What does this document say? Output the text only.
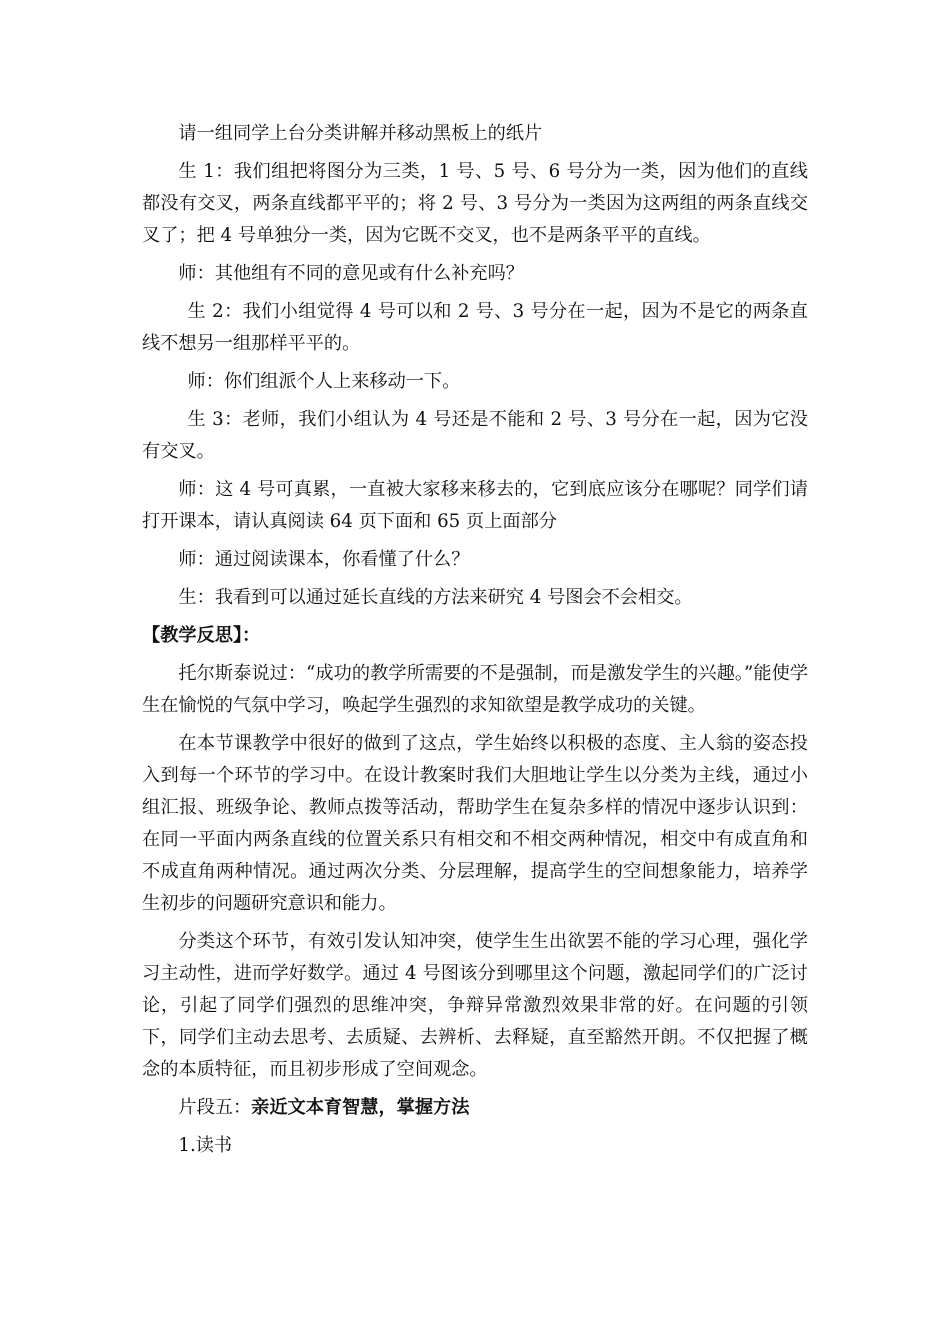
请一组同学上台分类讲解并移动黑板上的纸片

生 1：我们组把将图分为三类，1 号、5 号、6 号分为一类，因为他们的直线都没有交叉，两条直线都平平的；将 2 号、3 号分为一类因为这两组的两条直线交叉了；把 4 号单独分一类，因为它既不交叉，也不是两条平平的直线。

师：其他组有不同的意见或有什么补充吗？

生 2：我们小组觉得 4 号可以和 2 号、3 号分在一起，因为不是它的两条直线不想另一组那样平平的。

师：你们组派个人上来移动一下。

生 3：老师，我们小组认为 4 号还是不能和 2 号、3 号分在一起，因为它没有交叉。

师：这 4 号可真累，一直被大家移来移去的，它到底应该分在哪呢？同学们请打开课本，请认真阅读 64 页下面和 65 页上面部分

师：通过阅读课本，你看懂了什么？

生：我看到可以通过延长直线的方法来研究 4 号图会不会相交。

【教学反思】：

托尔斯泰说过：“成功的教学所需要的不是强制，而是激发学生的兴趣。”能使学生在愉悦的气氛中学习，唤起学生强烈的求知欲望是教学成功的关键。

在本节课教学中很好的做到了这点，学生始终以积极的态度、主人翁的姿态投入到每一个环节的学习中。在设计教案时我们大胆地让学生以分类为主线，通过小组汇报、班级争论、教师点拨等活动，帮助学生在复杂多样的情况中逐步认识到：在同一平面内两条直线的位置关系只有相交和不相交两种情况，相交中有成直角和不成直角两种情况。通过两次分类、分层理解，提高学生的空间想象能力，培养学生初步的问题研究意识和能力。

分类这个环节，有效引发认知冲突，使学生生出欲罢不能的学习心理，强化学习主动性，进而学好数学。通过 4 号图该分到哪里这个问题，激起同学们的广泛讨论，引起了同学们强烈的思维冲突，争辩异常激烈效果非常的好。在问题的引领下，同学们主动去思考、去质疑、去辨析、去释疑，直至豁然开朗。不仅把握了概念的本质特征，而且初步形成了空间观念。

片段五：亲近文本育智慧，掌握方法

1.读书
